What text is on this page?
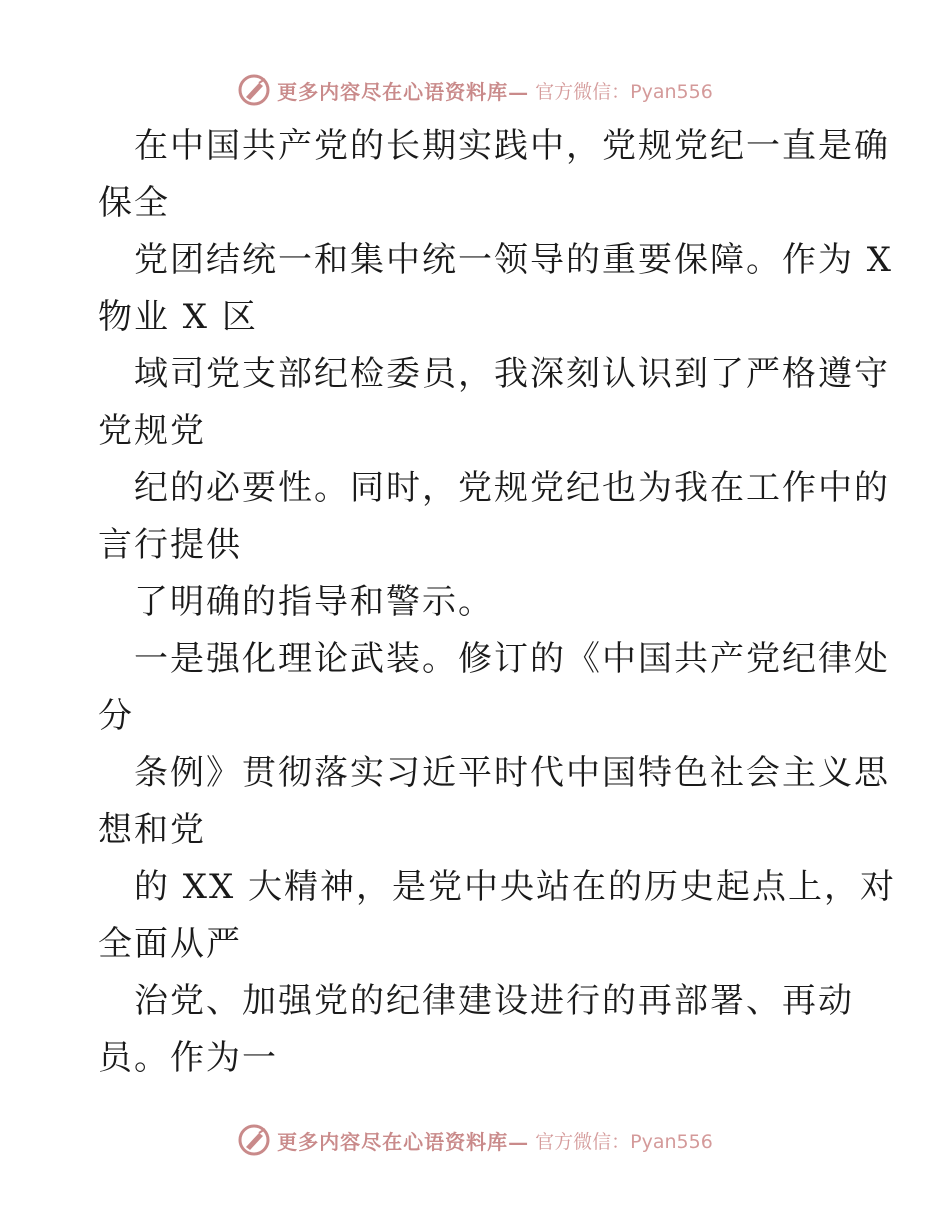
更多内容尽在心语资料库— 官方微信：Pyan556
在中国共产党的长期实践中，党规党纪一直是确
保全
党团结统一和集中统一领导的重要保障。作为 X
物业 X 区
域司党支部纪检委员，我深刻认识到了严格遵守
党规党
纪的必要性。同时，党规党纪也为我在工作中的
言行提供
了明确的指导和警示。
一是强化理论武装。修订的《中国共产党纪律处
分
条例》贯彻落实习近平时代中国特色社会主义思
想和党
的 XX 大精神，是党中央站在的历史起点上，对
全面从严
治党、加强党的纪律建设进行的再部署、再动
员。作为一
更多内容尽在心语资料库— 官方微信：Pyan556
